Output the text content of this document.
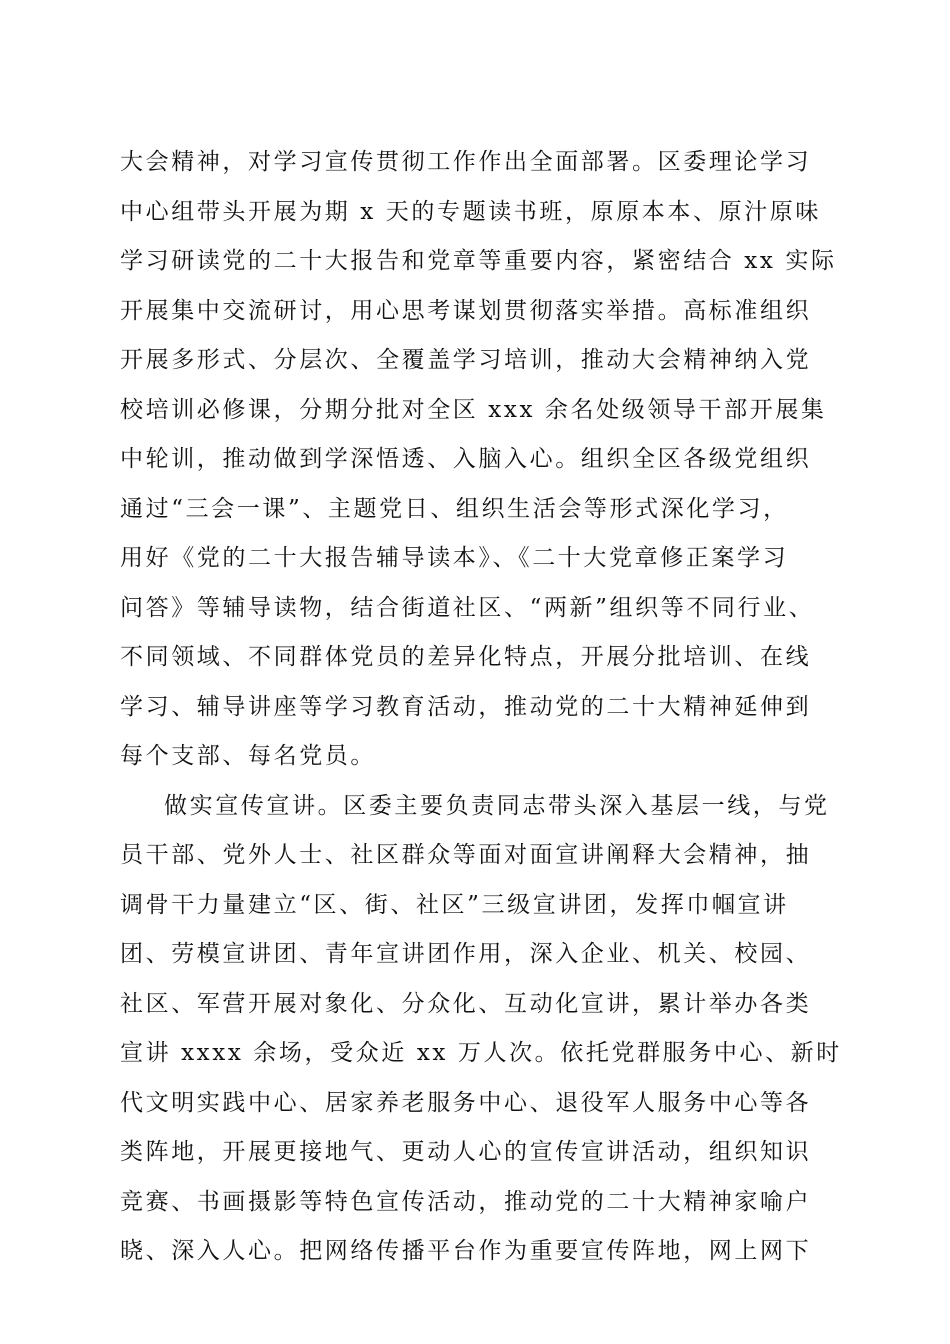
大会精神，对学习宣传贯彻工作作出全面部署。区委理论学习
中心组带头开展为期 x 天的专题读书班，原原本本、原汁原味
学习研读党的二十大报告和党章等重要内容，紧密结合 xx 实际
开展集中交流研讨，用心思考谋划贯彻落实举措。高标准组织
开展多形式、分层次、全覆盖学习培训，推动大会精神纳入党
校培训必修课，分期分批对全区 xxx 余名处级领导干部开展集
中轮训，推动做到学深悟透、入脑入心。组织全区各级党组织
通过“三会一课”、主题党日、组织生活会等形式深化学习，
用好《党的二十大报告辅导读本》、《二十大党章修正案学习
问答》等辅导读物，结合街道社区、“两新”组织等不同行业、
不同领域、不同群体党员的差异化特点，开展分批培训、在线
学习、辅导讲座等学习教育活动，推动党的二十大精神延伸到
每个支部、每名党员。
做实宣传宣讲。区委主要负责同志带头深入基层一线，与党
员干部、党外人士、社区群众等面对面宣讲阐释大会精神，抽
调骨干力量建立“区、街、社区”三级宣讲团，发挥巾帼宣讲
团、劳模宣讲团、青年宣讲团作用，深入企业、机关、校园、
社区、军营开展对象化、分众化、互动化宣讲，累计举办各类
宣讲 xxxx 余场，受众近 xx 万人次。依托党群服务中心、新时
代文明实践中心、居家养老服务中心、退役军人服务中心等各
类阵地，开展更接地气、更动人心的宣传宣讲活动，组织知识
竞赛、书画摄影等特色宣传活动，推动党的二十大精神家喻户
晓、深入人心。把网络传播平台作为重要宣传阵地，网上网下
